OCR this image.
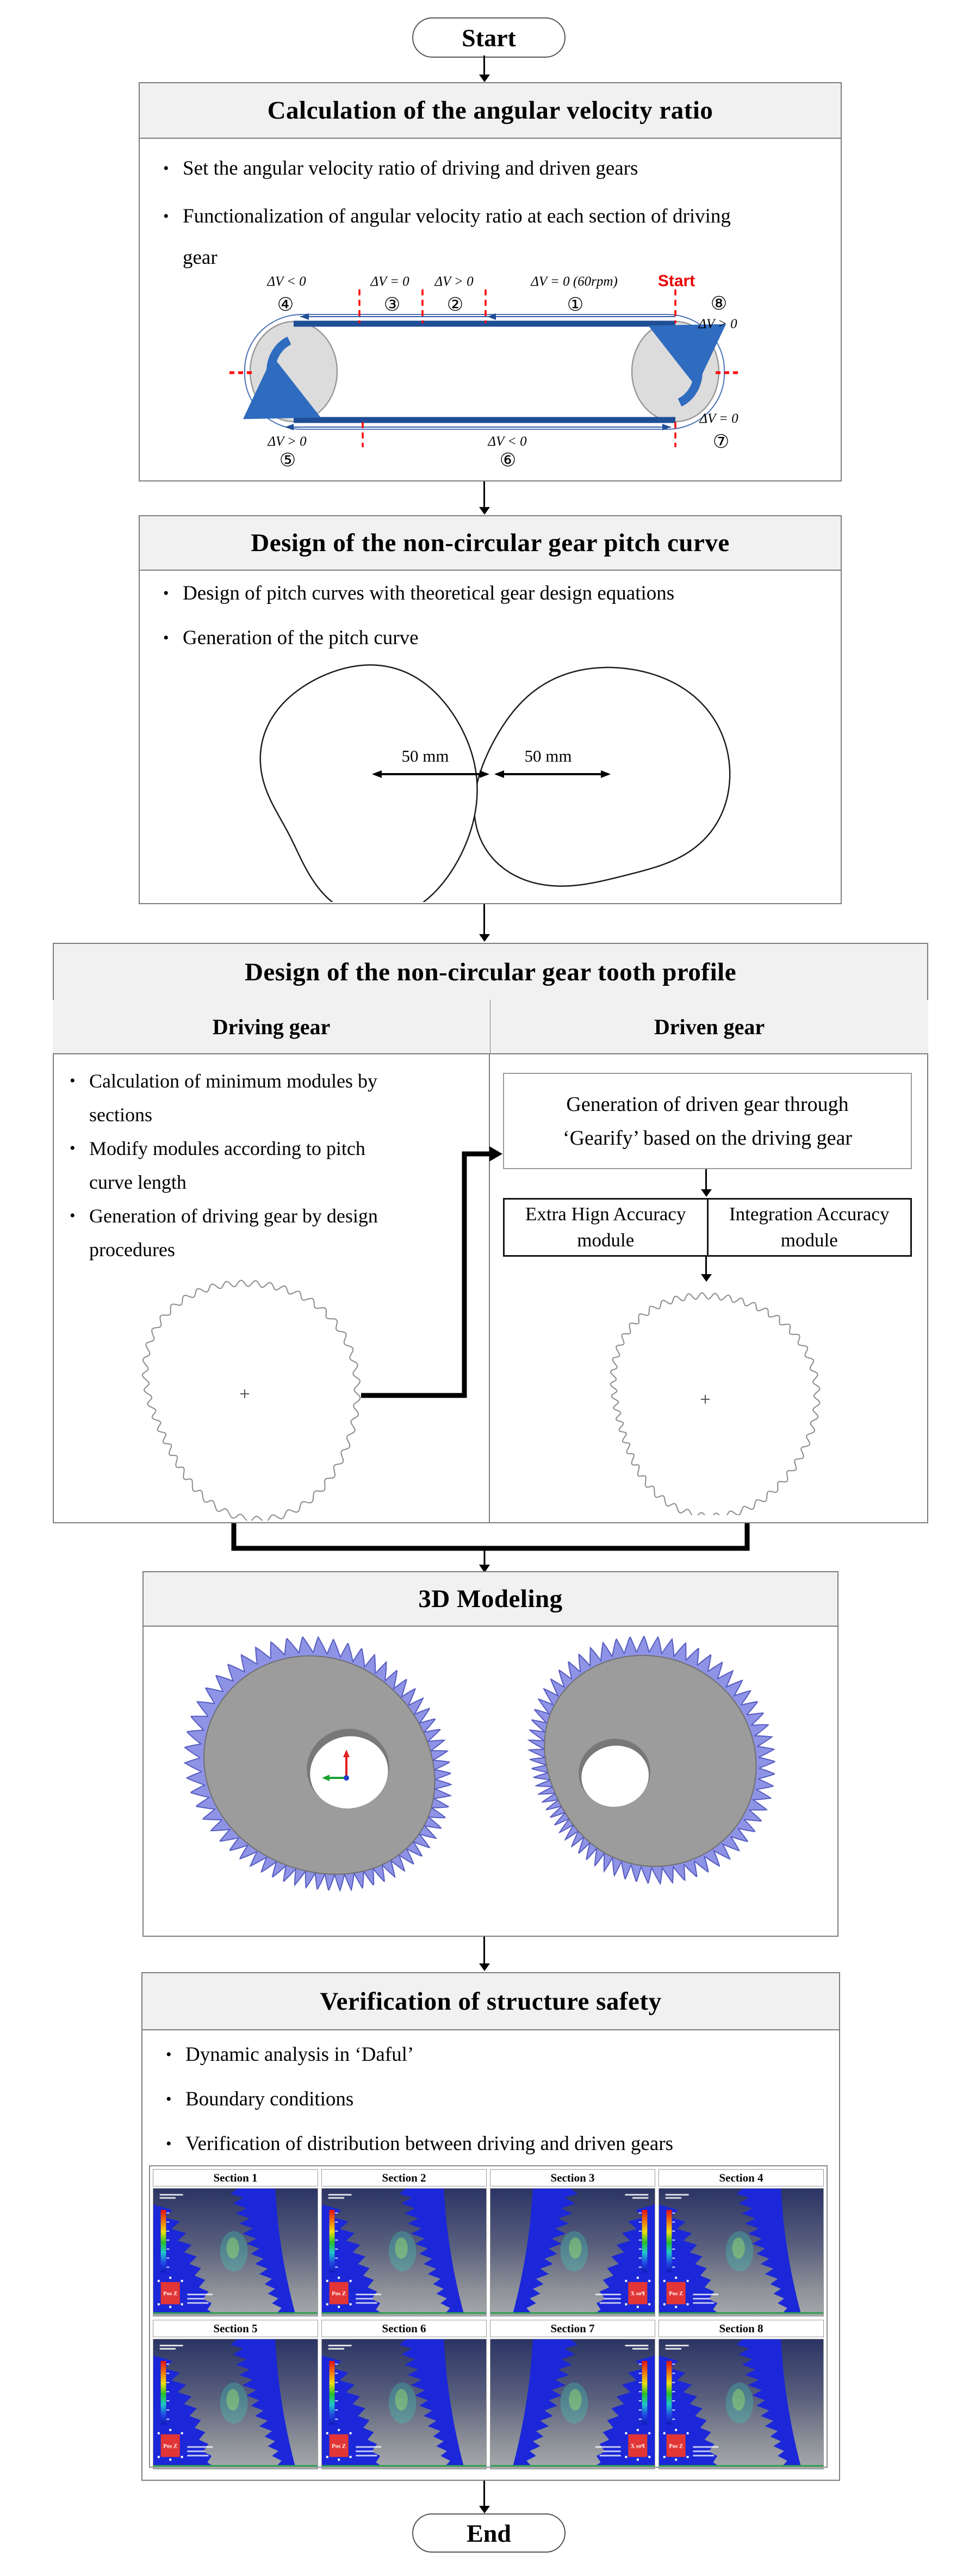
Start
Calculation of the angular velocity ratio
• Set the angular velocity ratio of driving and driven gears
• Functionalization of angular velocity ratio at each section of driving gear
ΔV < 0
④
ΔV = 0
③
ΔV > 0
②
ΔV = 0 (60rpm)
①
Start
⑧
ΔV > 0
ΔV = 0
⑦
ΔV > 0
⑤
ΔV < 0
⑥
Design of the non-circular gear pitch curve
• Design of pitch curves with theoretical gear design equations
• Generation of the pitch curve
50 mm	50 mm
Design of the non-circular gear tooth profile
Driving gear	Driven gear
• Calculation of minimum modules by sections
• Modify modules according to pitch curve length
• Generation of driving gear by design procedures
Generation of driven gear through
‘Gearify’ based on the driving gear
Extra Hign Accuracy module
Integration Accuracy module
3D Modeling
Verification of structure safety
• Dynamic analysis in ‘Daful’
• Boundary conditions
• Verification of distribution between driving and driven gears
Section 1	Section 2	Section 3	Section 4
Section 5	Section 6	Section 7	Section 8
End
